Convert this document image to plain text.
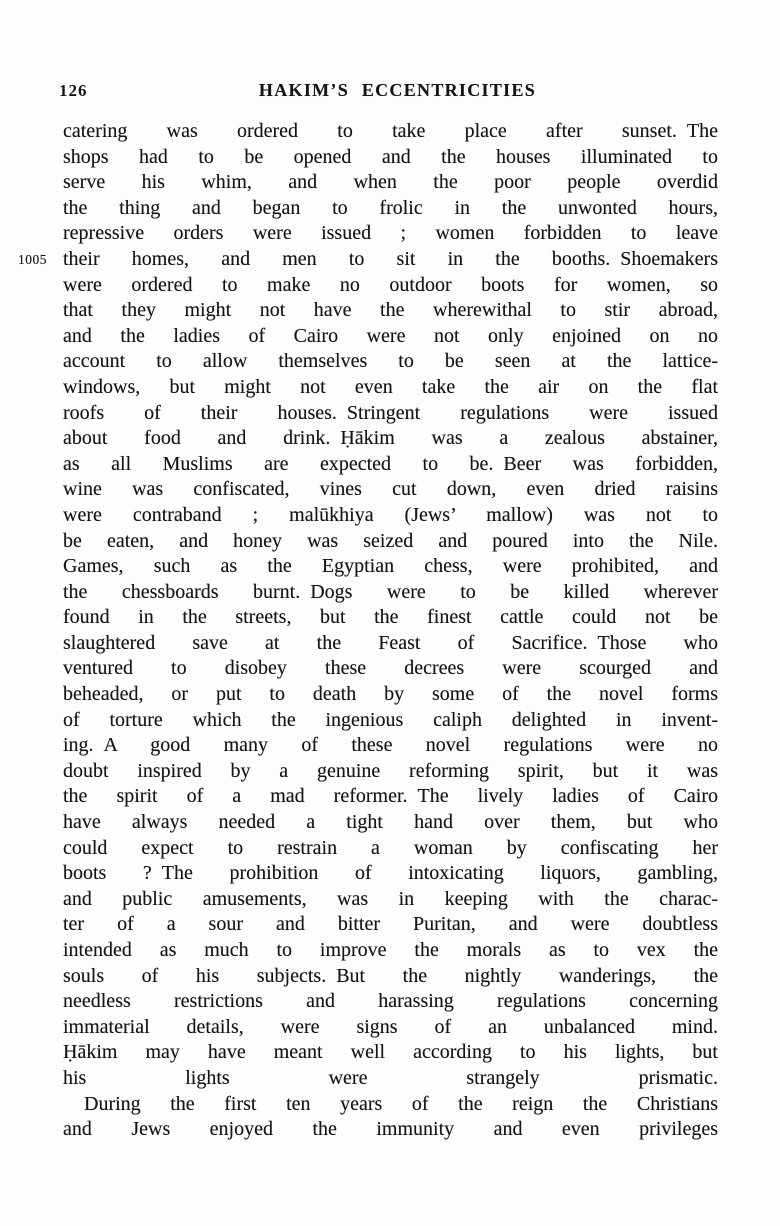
126	HAKIM’S ECCENTRICITIES
catering was ordered to take place after sunset. The
shops had to be opened and the houses illuminated to
serve his whim, and when the poor people overdid
the thing and began to frolic in the unwonted hours,
repressive orders were issued ; women forbidden to leave
their homes, and men to sit in the booths. Shoemakers
1005
were ordered to make no outdoor boots for women, so
that they might not have the wherewithal to stir abroad,
and the ladies of Cairo were not only enjoined on no
account to allow themselves to be seen at the lattice-
windows, but might not even take the air on the flat
roofs of their houses. Stringent regulations were issued
about food and drink. Ḥākim was a zealous abstainer,
as all Muslims are expected to be. Beer was forbidden,
wine was confiscated, vines cut down, even dried raisins
were contraband ; malūkhiya (Jews’ mallow) was not to
be eaten, and honey was seized and poured into the Nile.
Games, such as the Egyptian chess, were prohibited, and
the chessboards burnt. Dogs were to be killed wherever
found in the streets, but the finest cattle could not be
slaughtered save at the Feast of Sacrifice. Those who
ventured to disobey these decrees were scourged and
beheaded, or put to death by some of the novel forms
of torture which the ingenious caliph delighted in invent-
ing. A good many of these novel regulations were no
doubt inspired by a genuine reforming spirit, but it was
the spirit of a mad reformer. The lively ladies of Cairo
have always needed a tight hand over them, but who
could expect to restrain a woman by confiscating her
boots ? The prohibition of intoxicating liquors, gambling,
and public amusements, was in keeping with the charac-
ter of a sour and bitter Puritan, and were doubtless
intended as much to improve the morals as to vex the
souls of his subjects. But the nightly wanderings, the
needless restrictions and harassing regulations concerning
immaterial details, were signs of an unbalanced mind.
Ḥākim may have meant well according to his lights, but
his lights were strangely prismatic.
During the first ten years of the reign the Christians
and Jews enjoyed the immunity and even privileges
